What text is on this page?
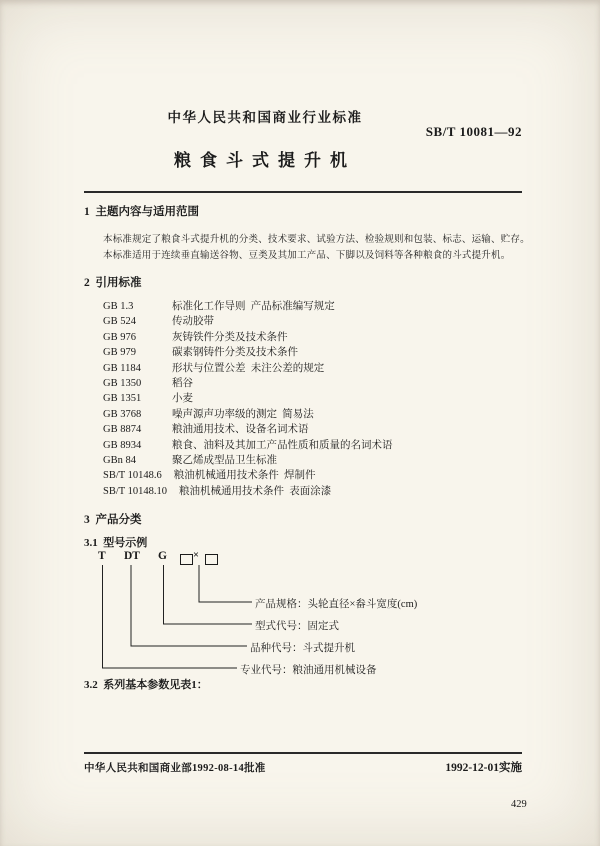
中华人民共和国商业行业标准
SB/T 10081—92
粮食斗式提升机
1  主题内容与适用范围
本标准规定了粮食斗式提升机的分类、技术要求、试验方法、检验规则和包装、标志、运输、贮存。
本标准适用于连续垂直输送谷物、豆类及其加工产品、下脚以及饲料等各种粮食的斗式提升机。
2  引用标准
GB 1.3	标准化工作导则  产品标准编写规定
GB 524	传动胶带
GB 976	灰铸铁件分类及技术条件
GB 979	碳素钢铸件分类及技术条件
GB 1184	形状与位置公差  未注公差的规定
GB 1350	稻谷
GB 1351	小麦
GB 3768	噪声源声功率级的测定  简易法
GB 8874	粮油通用技术、设备名词术语
GB 8934	粮食、油料及其加工产品性质和质量的名词术语
GBn 84	聚乙烯成型品卫生标准
SB/T 10148.6 粮油机械通用技术条件  焊制件
SB/T 10148.10 粮油机械通用技术条件  表面涂漆
3  产品分类
3.1  型号示例
T DT G ×
产品规格：头轮直径×畚斗宽度(cm)
型式代号：固定式
品种代号：斗式提升机
专业代号：粮油通用机械设备
3.2  系列基本参数见表1：
中华人民共和国商业部1992-08-14批准	1992-12-01实施
429
